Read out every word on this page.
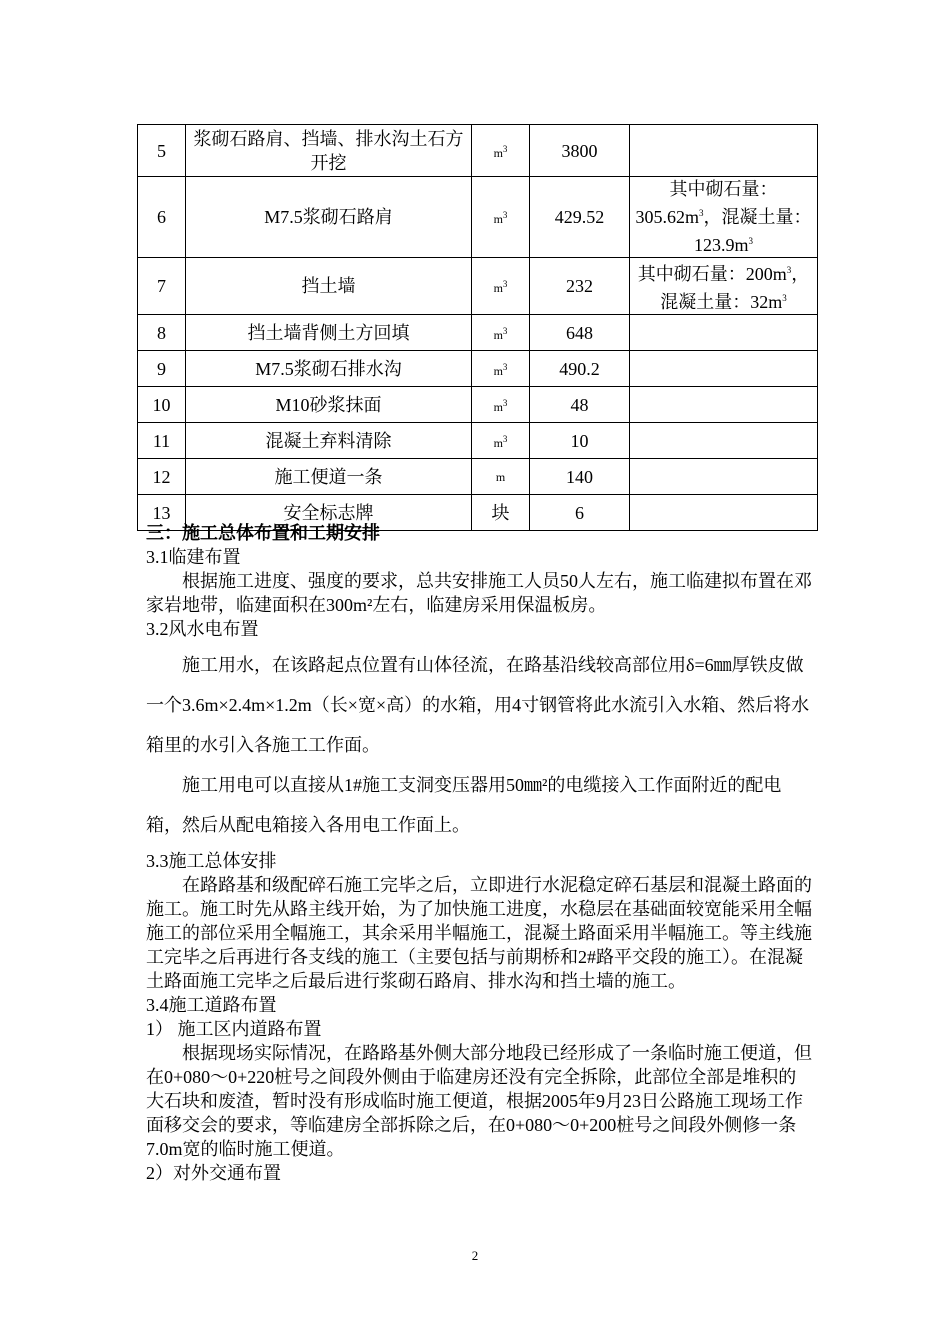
5	浆砌石路肩、挡墙、排水沟土石方开挖	$m^3$	3800	
6	M7.5浆砌石路肩	$m^3$	429.52	其中砌石量：$305.62m^3$，混凝土量：$123.9m^3$
7	挡土墙	$m^3$	232	其中砌石量：$200m^3$，混凝土量：$32m^3$
8	挡土墙背侧土方回填	$m^3$	648	
9	M7.5浆砌石排水沟	$m^3$	490.2	
10	M10砂浆抹面	$m^3$	48	
11	混凝土弃料清除	$m^3$	10	
12	施工便道一条	m	140	
13	安全标志牌	块	6	

三：施工总体布置和工期安排

3.1临建布置

根据施工进度、强度的要求，总共安排施工人员50人左右，施工临建拟布置在邓家岩地带，临建面积在300m²左右，临建房采用保温板房。

3.2风水电布置

施工用水，在该路起点位置有山体径流，在路基沿线较高部位用δ=6㎜厚铁皮做一个3.6m×2.4m×1.2m（长×宽×高）的水箱，用4寸钢管将此水流引入水箱、然后将水箱里的水引入各施工工作面。

施工用电可以直接从1#施工支洞变压器用50㎜²的电缆接入工作面附近的配电箱，然后从配电箱接入各用电工作面上。

3.3施工总体安排

在路路基和级配碎石施工完毕之后，立即进行水泥稳定碎石基层和混凝土路面的施工。施工时先从路主线开始，为了加快施工进度，水稳层在基础面较宽能采用全幅施工的部位采用全幅施工，其余采用半幅施工，混凝土路面采用半幅施工。等主线施工完毕之后再进行各支线的施工（主要包括与前期桥和2#路平交段的施工）。在混凝土路面施工完毕之后最后进行浆砌石路肩、排水沟和挡土墙的施工。

3.4施工道路布置

1） 施工区内道路布置

根据现场实际情况，在路路基外侧大部分地段已经形成了一条临时施工便道，但在0+080～0+220桩号之间段外侧由于临建房还没有完全拆除，此部位全部是堆积的大石块和废渣，暂时没有形成临时施工便道，根据2005年9月23日公路施工现场工作面移交会的要求，等临建房全部拆除之后，在0+080～0+200桩号之间段外侧修一条7.0m宽的临时施工便道。

2）对外交通布置

2
